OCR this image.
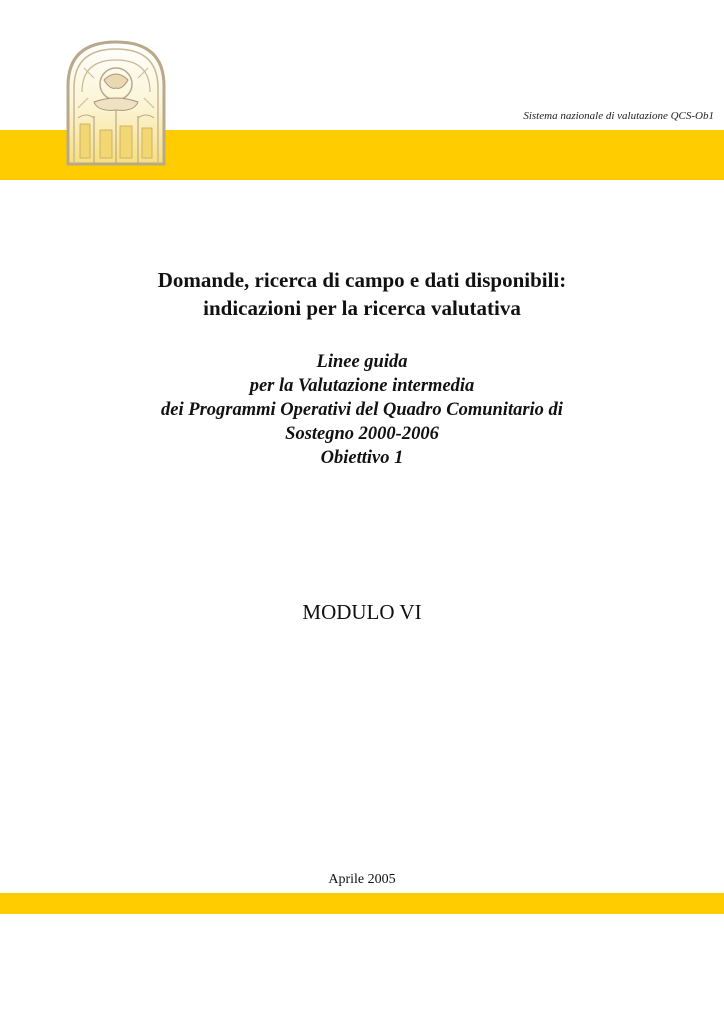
Sistema nazionale di valutazione QCS-Ob1
Domande, ricerca di campo e dati disponibili:
indicazioni per la ricerca valutativa
Linee guida
per la Valutazione intermedia
dei Programmi Operativi del Quadro Comunitario di
Sostegno 2000-2006
Obiettivo 1
MODULO VI
Aprile 2005
